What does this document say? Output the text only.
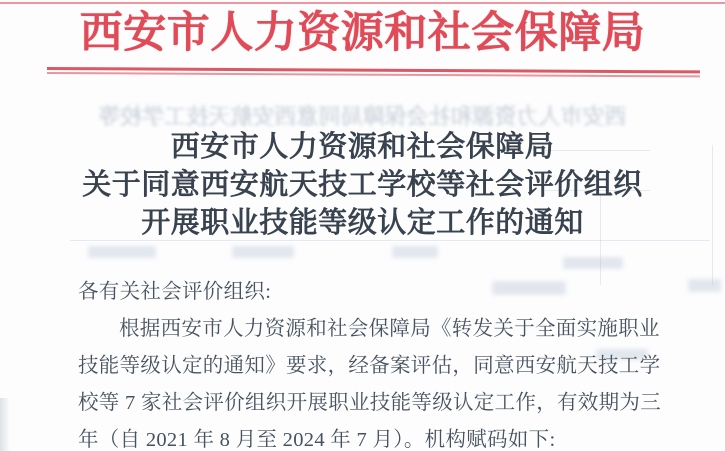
西安市人力资源和社会保障局
西安市人力资源和社会保障局同意西安航天技工学校等
西安市人力资源和社会保障局
关于同意西安航天技工学校等社会评价组织
开展职业技能等级认定工作的通知
各有关社会评价组织:
根据西安市人力资源和社会保障局《转发关于全面实施职业
技能等级认定的通知》要求，经备案评估，同意西安航天技工学
校等 7 家社会评价组织开展职业技能等级认定工作，有效期为三
年（自 2021 年 8 月至 2024 年 7 月）。机构赋码如下:
